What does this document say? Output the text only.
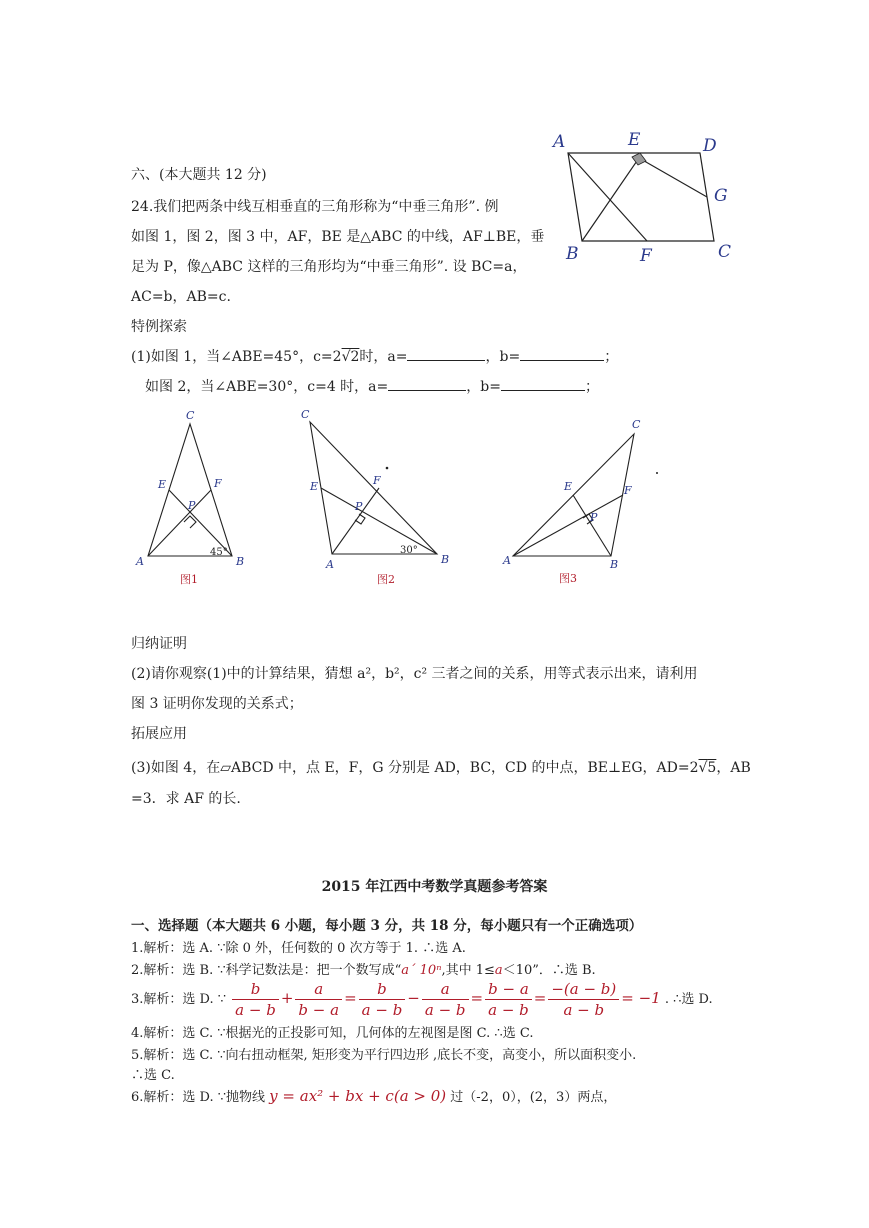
A	E	D
G
B	F	C
六、(本大题共 12 分)
24.我们把两条中线互相垂直的三角形称为“中垂三角形”. 例
如图 1，图 2，图 3 中，AF，BE 是△ABC 的中线，AF⊥BE，垂
足为 P，像△ABC 这样的三角形均为“中垂三角形”. 设 BC=a，
AC=b，AB=c.
特例探索
(1)如图 1，当∠ABE=45°，c=2√2时，a=	，b=	；
如图 2，当∠ABE=30°，c=4 时，a=	，b=	；
C
E	F
P
A	B
45°
图1
C
E	F
P
A	B
30°
图2
C
E	F
P
A	B
图3
归纳证明
(2)请你观察(1)中的计算结果，猜想 a²，b²，c² 三者之间的关系，用等式表示出来，请利用
图 3 证明你发现的关系式；
拓展应用
(3)如图 4，在▱ABCD 中，点 E，F，G 分别是 AD，BC，CD 的中点，BE⊥EG，AD=2√5，AB
=3．求 AF 的长.
2015 年江西中考数学真题参考答案
一、选择题（本大题共 6 小题，每小题 3 分，共 18 分，每小题只有一个正确选项）
1.解析：选 A. ∵除 0 外，任何数的 0 次方等于 1. ∴选 A.
2.解析：选 B. ∵科学记数法是：把一个数写成“a´ 10ⁿ,其中 1≤a＜10”．∴选 B.
3.解析：选 D. ∵ $\frac{b}{a - b} + \frac{a}{b - a} = \frac{b}{a - b} - \frac{a}{a - b} = \frac{b - a}{a - b} = \frac{-(a - b)}{a - b} = -1$ . ∴选 D.
4.解析：选 C. ∵根据光的正投影可知，几何体的左视图是图 C. ∴选 C.
5.解析：选 C. ∵向右扭动框架, 矩形变为平行四边形 ,底长不变，高变小，所以面积变小.
∴选 C.
6.解析：选 D. ∵抛物线 y = ax² + bx + c(a > 0) 过（-2，0），(2，3）两点，
